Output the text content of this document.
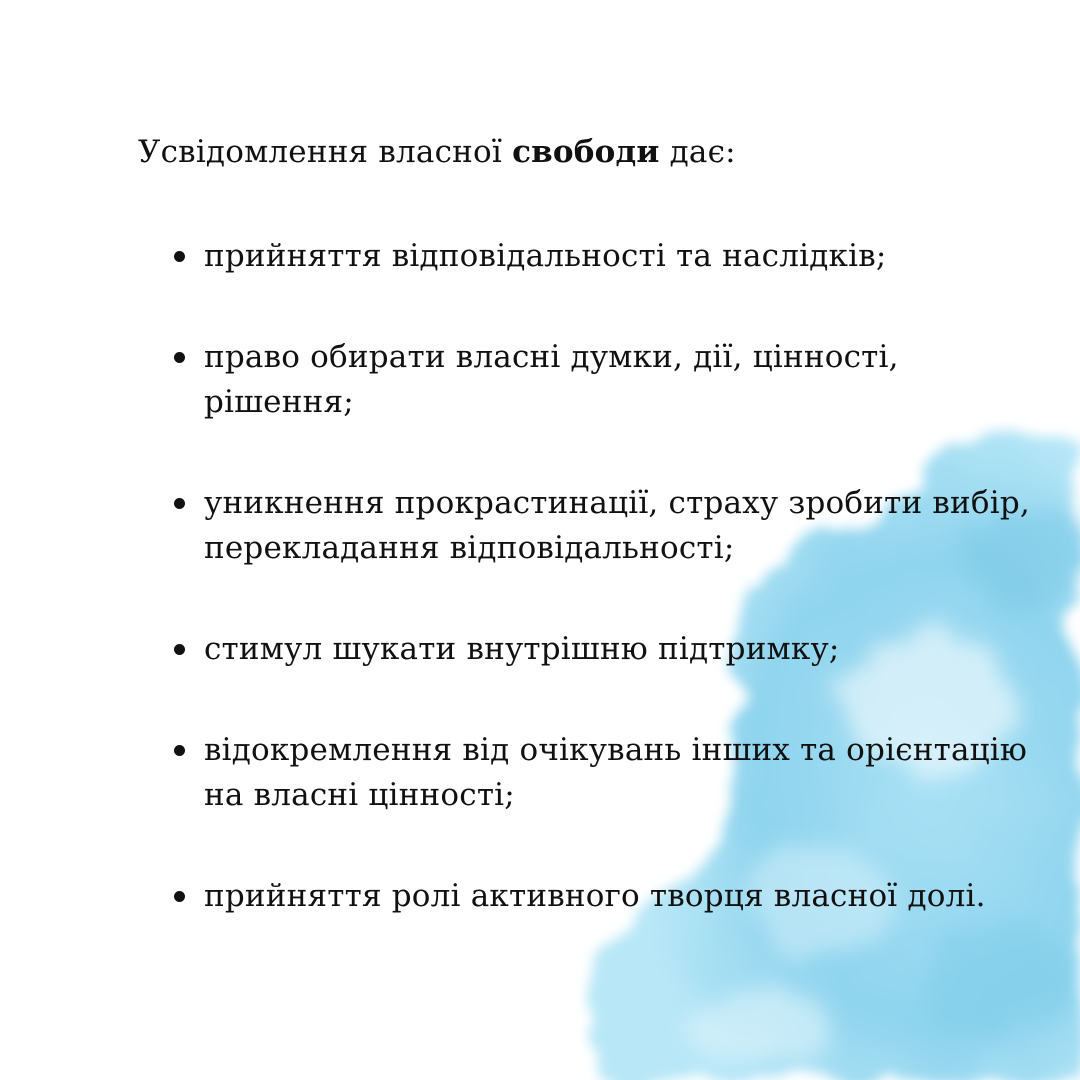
Усвідомлення власної свободи дає:

прийняття відповідальності та наслідків;
право обирати власні думки, дії, цінності, рішення;
уникнення прокрастинації, страху зробити вибір, перекладання відповідальності;
стимул шукати внутрішню підтримку;
відокремлення від очікувань інших та орієнтацію на власні цінності;
прийняття ролі активного творця власної долі.
